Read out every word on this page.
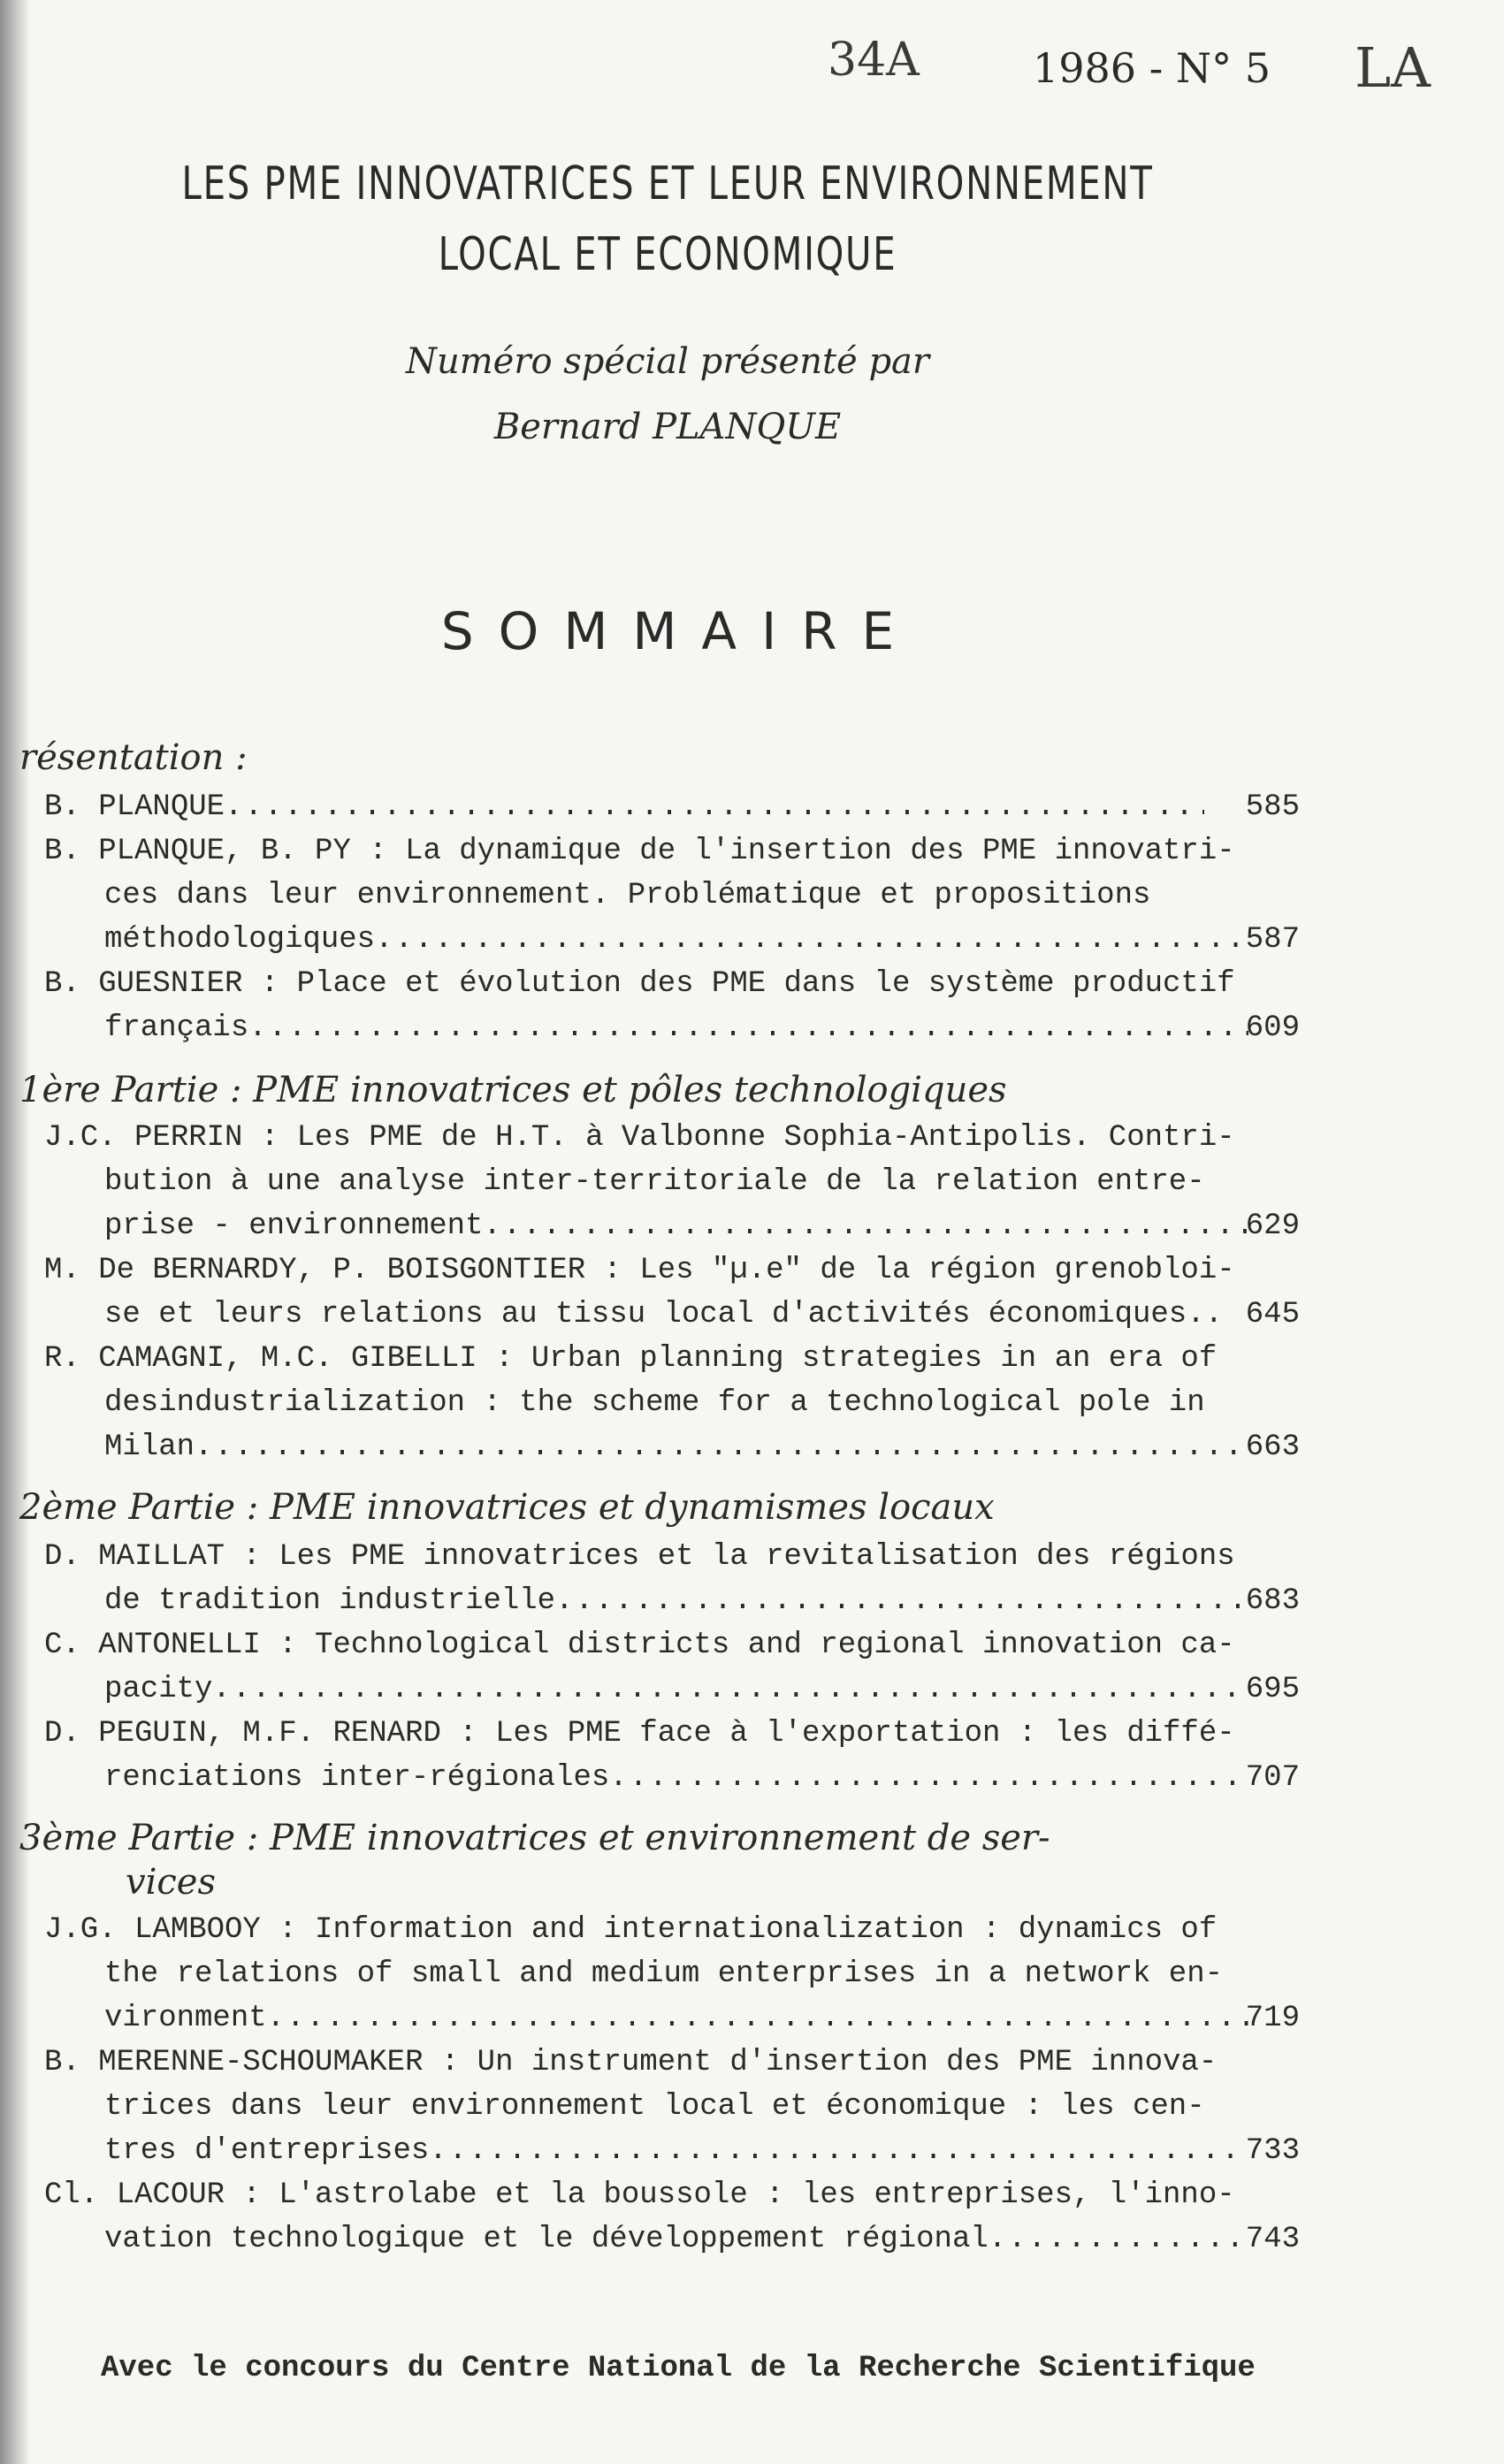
34A	1986 - N° 5 LA
LES PME INNOVATRICES ET LEUR ENVIRONNEMENT
LOCAL ET ECONOMIQUE
Numéro spécial présenté par
Bernard PLANQUE
SOMMAIRE
résentation :
B. PLANQUE .....	585
B. PLANQUE, B. PY : La dynamique de l'insertion des PME innovatri-
ces dans leur environnement. Problématique et propositions
méthodologiques .....	587
B. GUESNIER : Place et évolution des PME dans le système productif
français .....	609
1ère Partie : PME innovatrices et pôles technologiques
J.C. PERRIN : Les PME de H.T. à Valbonne Sophia-Antipolis. Contri-
bution à une analyse inter-territoriale de la relation entre-
prise - environnement .....	629
M. De BERNARDY, P. BOISGONTIER : Les "µ.e" de la région grenobloi-
se et leurs relations au tissu local d'activités économiques.. 645
R. CAMAGNI, M.C. GIBELLI : Urban planning strategies in an era of
desindustrialization : the scheme for a technological pole in
Milan .....	663
2ème Partie : PME innovatrices et dynamismes locaux
D. MAILLAT : Les PME innovatrices et la revitalisation des régions
de tradition industrielle .....	683
C. ANTONELLI : Technological districts and regional innovation ca-
pacity .....	695
D. PEGUIN, M.F. RENARD : Les PME face à l'exportation : les diffé-
renciations inter-régionales .....	707
3ème Partie : PME innovatrices et environnement de ser-
vices
J.G. LAMBOOY : Information and internationalization : dynamics of
the relations of small and medium enterprises in a network en-
vironment .....	719
B. MERENNE-SCHOUMAKER : Un instrument d'insertion des PME innova-
trices dans leur environnement local et économique : les cen-
tres d'entreprises .....	733
Cl. LACOUR : L'astrolabe et la boussole : les entreprises, l'inno-
vation technologique et le développement régional .....	743
Avec le concours du Centre National de la Recherche Scientifique
